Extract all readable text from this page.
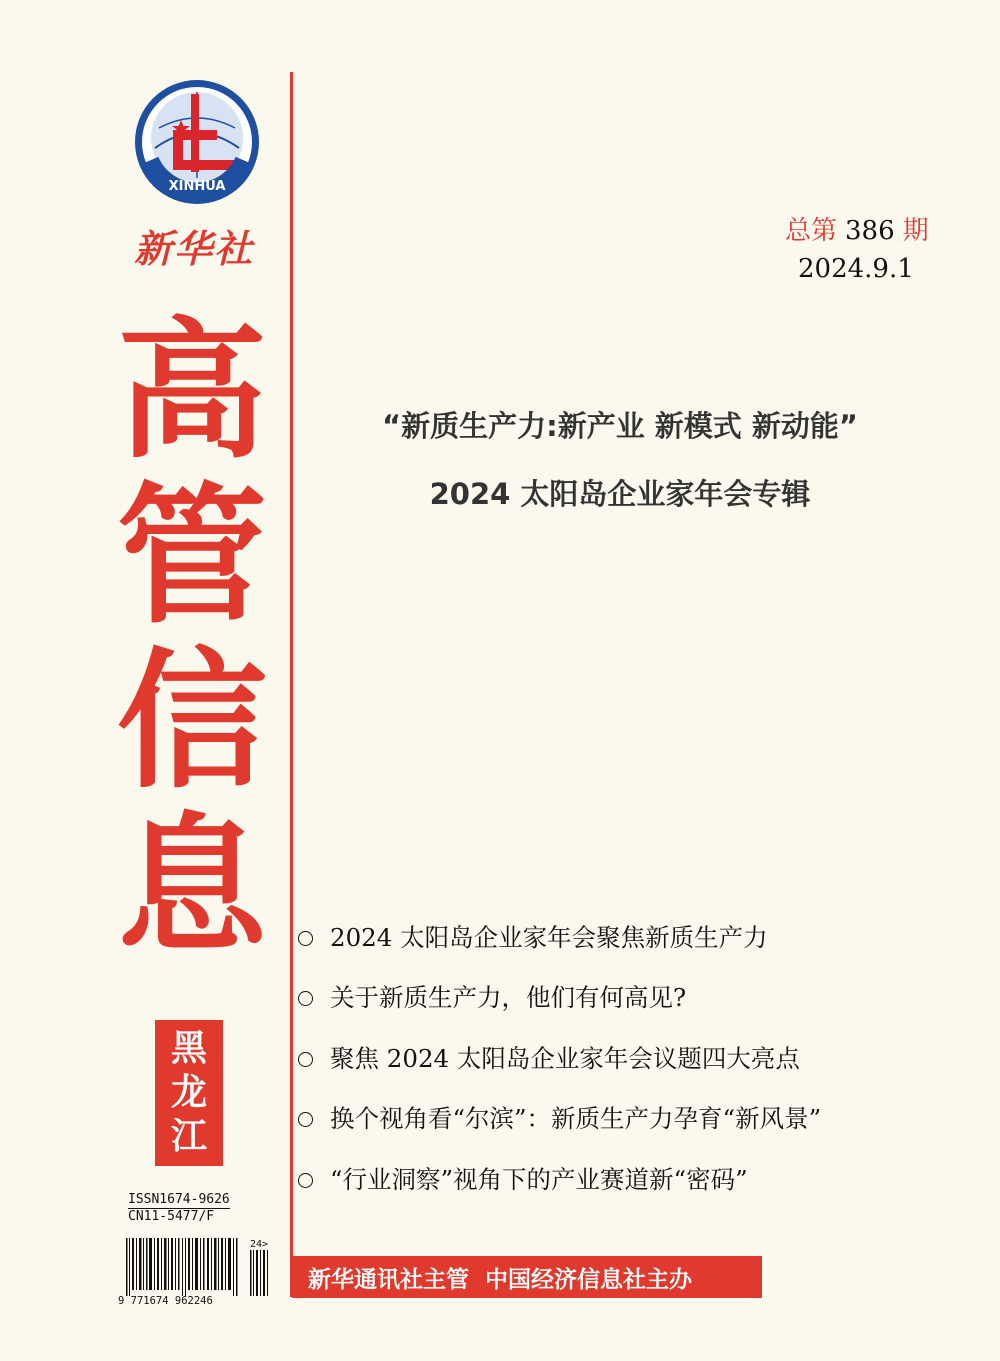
XINHUA
新华社
高
管
信
息
黑
龙
江
总第 386 期
2024.9.1
“新质生产力:新产业 新模式 新动能”
2024 太阳岛企业家年会专辑
2024 太阳岛企业家年会聚焦新质生产力
关于新质生产力，他们有何高见?
聚焦 2024 太阳岛企业家年会议题四大亮点
换个视角看“尔滨”：新质生产力孕育“新风景”
“行业洞察”视角下的产业赛道新“密码”
ISSN1674-9626
CN11-5477/F
9 771674 962246
24>
新华通讯社主管 中国经济信息社主办
